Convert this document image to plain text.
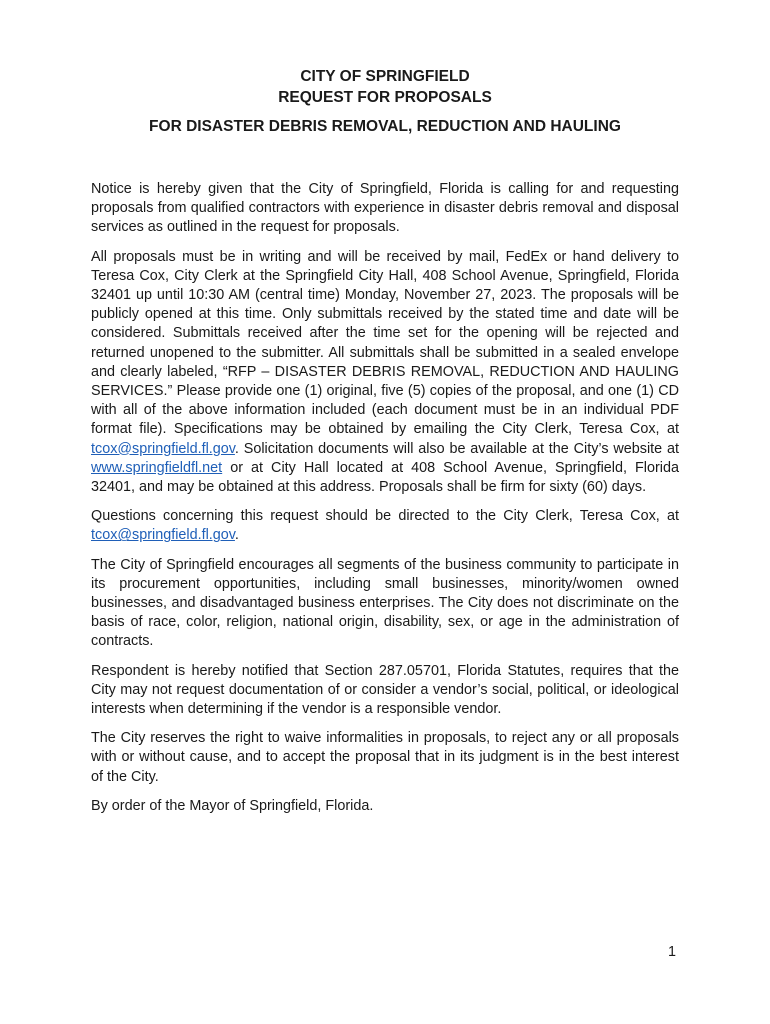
CITY OF SPRINGFIELD
REQUEST FOR PROPOSALS
FOR DISASTER DEBRIS REMOVAL, REDUCTION AND HAULING

Notice is hereby given that the City of Springfield, Florida is calling for and requesting proposals from qualified contractors with experience in disaster debris removal and disposal services as outlined in the request for proposals.

All proposals must be in writing and will be received by mail, FedEx or hand delivery to Teresa Cox, City Clerk at the Springfield City Hall, 408 School Avenue, Springfield, Florida 32401 up until 10:30 AM (central time) Monday, November 27, 2023. The proposals will be publicly opened at this time. Only submittals received by the stated time and date will be considered. Submittals received after the time set for the opening will be rejected and returned unopened to the submitter. All submittals shall be submitted in a sealed envelope and clearly labeled, “RFP – DISASTER DEBRIS REMOVAL, REDUCTION AND HAULING SERVICES.” Please provide one (1) original, five (5) copies of the proposal, and one (1) CD with all of the above information included (each document must be in an individual PDF format file). Specifications may be obtained by emailing the City Clerk, Teresa Cox, at tcox@springfield.fl.gov. Solicitation documents will also be available at the City’s website at www.springfieldfl.net or at City Hall located at 408 School Avenue, Springfield, Florida 32401, and may be obtained at this address. Proposals shall be firm for sixty (60) days.

Questions concerning this request should be directed to the City Clerk, Teresa Cox, at tcox@springfield.fl.gov.

The City of Springfield encourages all segments of the business community to participate in its procurement opportunities, including small businesses, minority/women owned businesses, and disadvantaged business enterprises. The City does not discriminate on the basis of race, color, religion, national origin, disability, sex, or age in the administration of contracts.

Respondent is hereby notified that Section 287.05701, Florida Statutes, requires that the City may not request documentation of or consider a vendor’s social, political, or ideological interests when determining if the vendor is a responsible vendor.

The City reserves the right to waive informalities in proposals, to reject any or all proposals with or without cause, and to accept the proposal that in its judgment is in the best interest of the City.

By order of the Mayor of Springfield, Florida.

1
